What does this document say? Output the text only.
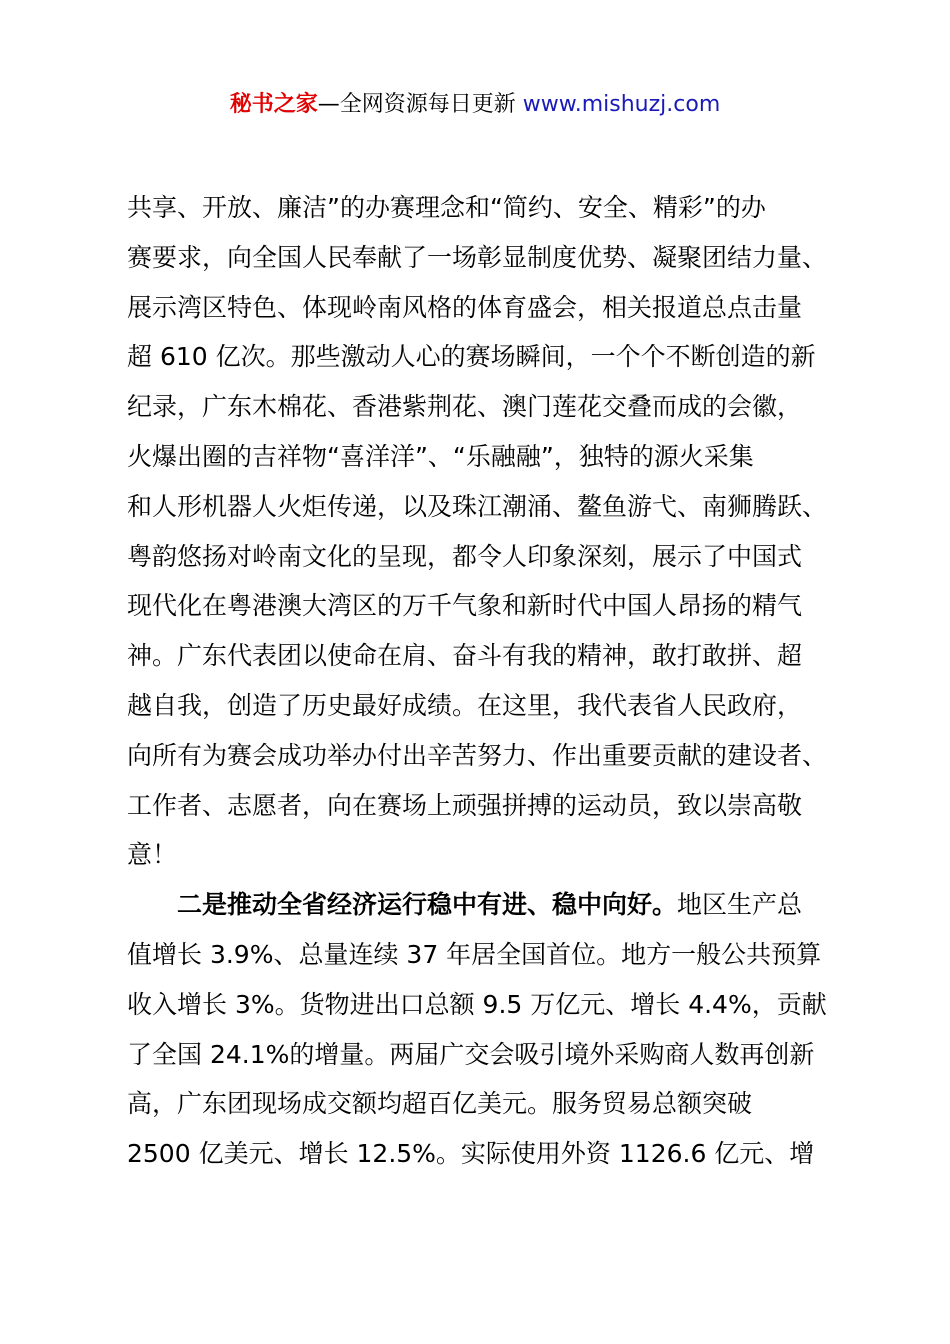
秘书之家—全网资源每日更新 www.mishuzj.com
共享、开放、廉洁”的办赛理念和“简约、安全、精彩”的办
赛要求，向全国人民奉献了一场彰显制度优势、凝聚团结力量、
展示湾区特色、体现岭南风格的体育盛会，相关报道总点击量
超 610 亿次。那些激动人心的赛场瞬间，一个个不断创造的新
纪录，广东木棉花、香港紫荆花、澳门莲花交叠而成的会徽，
火爆出圈的吉祥物“喜洋洋”、“乐融融”，独特的源火采集
和人形机器人火炬传递，以及珠江潮涌、鳌鱼游弋、南狮腾跃、
粤韵悠扬对岭南文化的呈现，都令人印象深刻，展示了中国式
现代化在粤港澳大湾区的万千气象和新时代中国人昂扬的精气
神。广东代表团以使命在肩、奋斗有我的精神，敢打敢拼、超
越自我，创造了历史最好成绩。在这里，我代表省人民政府，
向所有为赛会成功举办付出辛苦努力、作出重要贡献的建设者、
工作者、志愿者，向在赛场上顽强拼搏的运动员，致以崇高敬
意！
二是推动全省经济运行稳中有进、稳中向好。地区生产总
值增长 3.9%、总量连续 37 年居全国首位。地方一般公共预算
收入增长 3%。货物进出口总额 9.5 万亿元、增长 4.4%，贡献
了全国 24.1%的增量。两届广交会吸引境外采购商人数再创新
高，广东团现场成交额均超百亿美元。服务贸易总额突破
2500 亿美元、增长 12.5%。实际使用外资 1126.6 亿元、增
